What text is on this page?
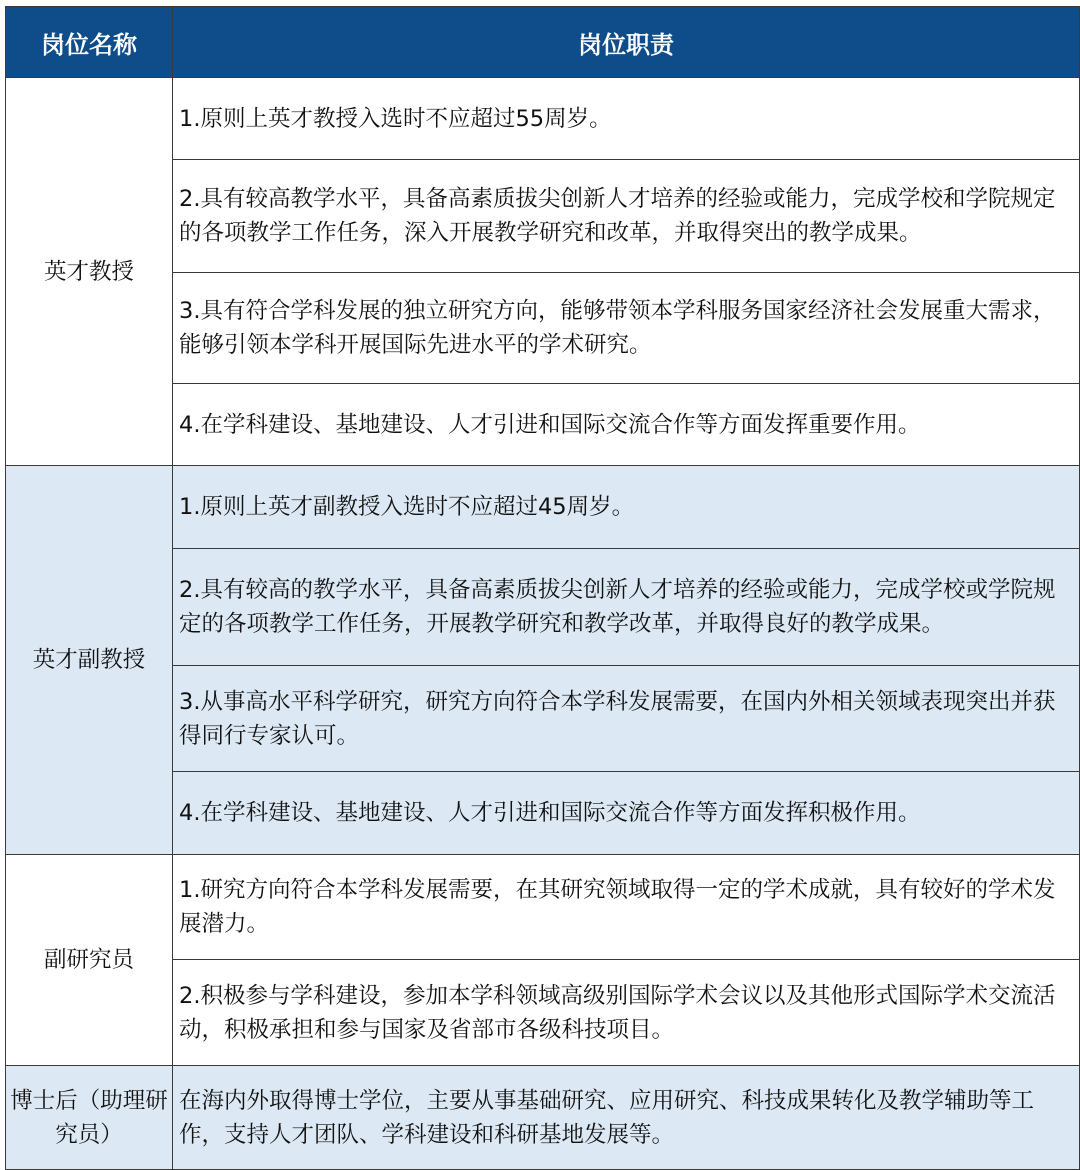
岗位名称	岗位职责
英才教授	1.原则上英才教授入选时不应超过55周岁。
	2.具有较高教学水平，具备高素质拔尖创新人才培养的经验或能力，完成学校和学院规定的各项教学工作任务，深入开展教学研究和改革，并取得突出的教学成果。
	3.具有符合学科发展的独立研究方向，能够带领本学科服务国家经济社会发展重大需求，能够引领本学科开展国际先进水平的学术研究。
	4.在学科建设、基地建设、人才引进和国际交流合作等方面发挥重要作用。
英才副教授	1.原则上英才副教授入选时不应超过45周岁。
	2.具有较高的教学水平，具备高素质拔尖创新人才培养的经验或能力，完成学校或学院规定的各项教学工作任务，开展教学研究和教学改革，并取得良好的教学成果。
	3.从事高水平科学研究，研究方向符合本学科发展需要，在国内外相关领域表现突出并获得同行专家认可。
	4.在学科建设、基地建设、人才引进和国际交流合作等方面发挥积极作用。
副研究员	1.研究方向符合本学科发展需要，在其研究领域取得一定的学术成就，具有较好的学术发展潜力。
	2.积极参与学科建设，参加本学科领域高级别国际学术会议以及其他形式国际学术交流活动，积极承担和参与国家及省部市各级科技项目。
博士后（助理研究员）	在海内外取得博士学位，主要从事基础研究、应用研究、科技成果转化及教学辅助等工作，支持人才团队、学科建设和科研基地发展等。
